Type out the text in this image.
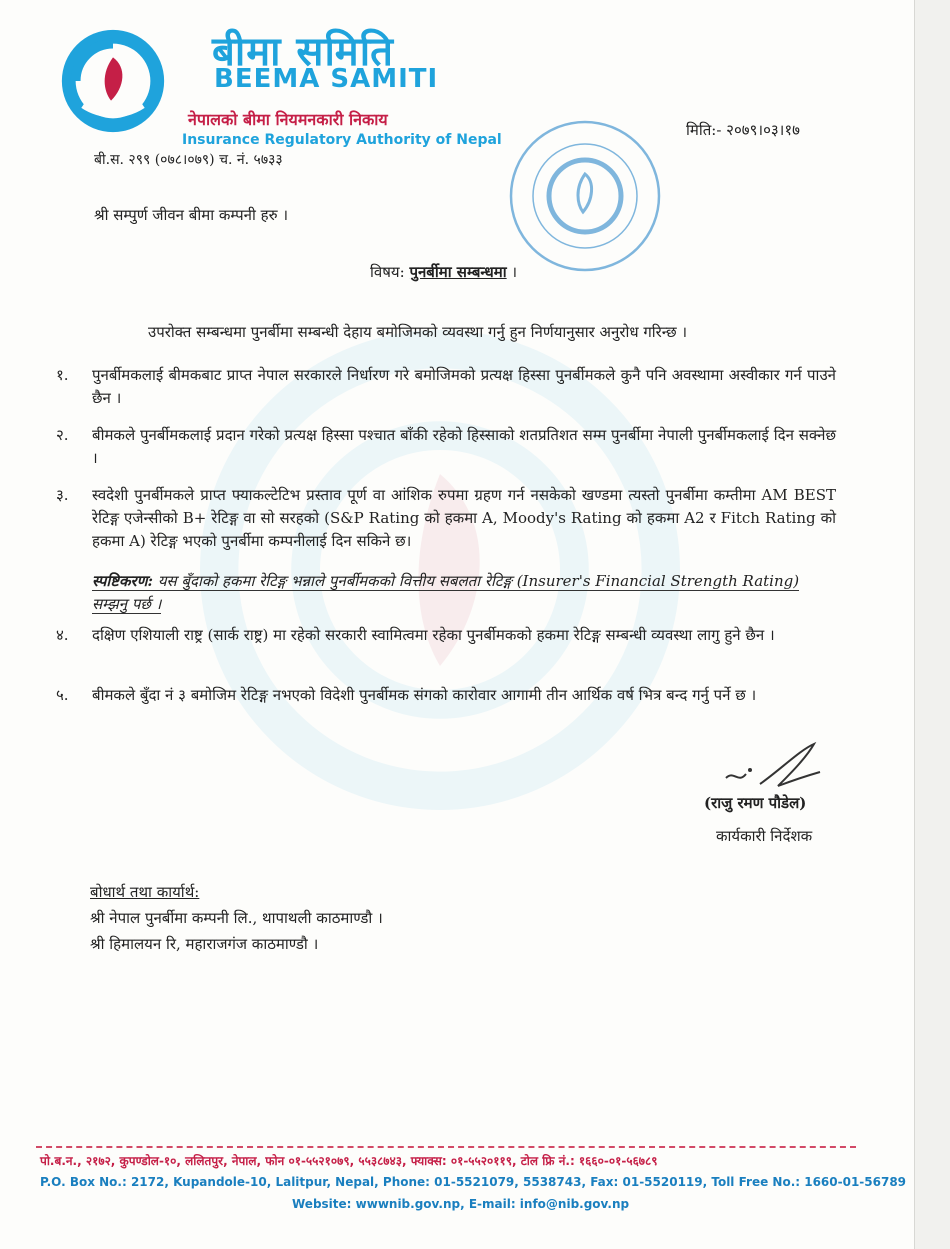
बीमा समिति
BEEMA SAMITI
नेपालको बीमा नियमनकारी निकाय
Insurance Regulatory Authority of Nepal
बी.स. २९९ (०७८।०७९) च. नं. ५७३३
मिति:- २०७९।०३।१७
श्री सम्पुर्ण जीवन बीमा कम्पनी हरु ।
विषय: पुनर्बीमा सम्बन्धमा ।
उपरोक्त सम्बन्धमा पुनर्बीमा सम्बन्धी देहाय बमोजिमको व्यवस्था गर्नु हुन निर्णयानुसार अनुरोध गरिन्छ ।
१.	पुनर्बीमकलाई बीमकबाट प्राप्त नेपाल सरकारले निर्धारण गरे बमोजिमको प्रत्यक्ष हिस्सा पुनर्बीमकले कुनै पनि अवस्थामा अस्वीकार गर्न पाउने छैन ।
२.	बीमकले पुनर्बीमकलाई प्रदान गरेको प्रत्यक्ष हिस्सा पश्चात बाँकी रहेको हिस्साको शतप्रतिशत सम्म पुनर्बीमा नेपाली पुनर्बीमकलाई दिन सक्नेछ ।
३.	स्वदेशी पुनर्बीमकले प्राप्त फ्याकल्टेटिभ प्रस्ताव पूर्ण वा आंशिक रुपमा ग्रहण गर्न नसकेको खण्डमा त्यस्तो पुनर्बीमा कम्तीमा AM BEST रेटिङ्ग एजेन्सीको B+ रेटिङ्ग वा सो सरहको (S&P Rating को हकमा A, Moody's Rating को हकमा A2 र Fitch Rating को हकमा A) रेटिङ्ग भएको पुनर्बीमा कम्पनीलाई दिन सकिने छ।
स्पष्टिकरण: यस बुँदाको हकमा रेटिङ्ग भन्नाले पुनर्बीमकको वित्तीय सबलता रेटिङ्ग (Insurer's Financial Strength Rating) सम्झनु पर्छ ।
४.	दक्षिण एशियाली राष्ट्र (सार्क राष्ट्र) मा रहेको सरकारी स्वामित्वमा रहेका पुनर्बीमकको हकमा रेटिङ्ग सम्बन्धी व्यवस्था लागु हुने छैन ।
५.	बीमकले बुँदा नं ३ बमोजिम रेटिङ्ग नभएको विदेशी पुनर्बीमक संगको कारोवार आगामी तीन आर्थिक वर्ष भित्र बन्द गर्नु पर्ने छ ।
(राजु रमण पौडेल)
कार्यकारी निर्देशक
बोधार्थ तथा कार्यार्थ:
श्री नेपाल पुनर्बीमा कम्पनी लि., थापाथली काठमाण्डौ ।
श्री हिमालयन रि, महाराजगंज काठमाण्डौ ।
पो.ब.न., २१७२, कुपण्डोल-१०, ललितपुर, नेपाल, फोन ०१-५५२१०७९, ५५३८७४३, फ्याक्स: ०१-५५२०११९, टोल फ्रि नं.: १६६०-०१-५६७८९
P.O. Box No.: 2172, Kupandole-10, Lalitpur, Nepal, Phone: 01-5521079, 5538743, Fax: 01-5520119, Toll Free No.: 1660-01-56789
Website: wwwnib.gov.np, E-mail: info@nib.gov.np
